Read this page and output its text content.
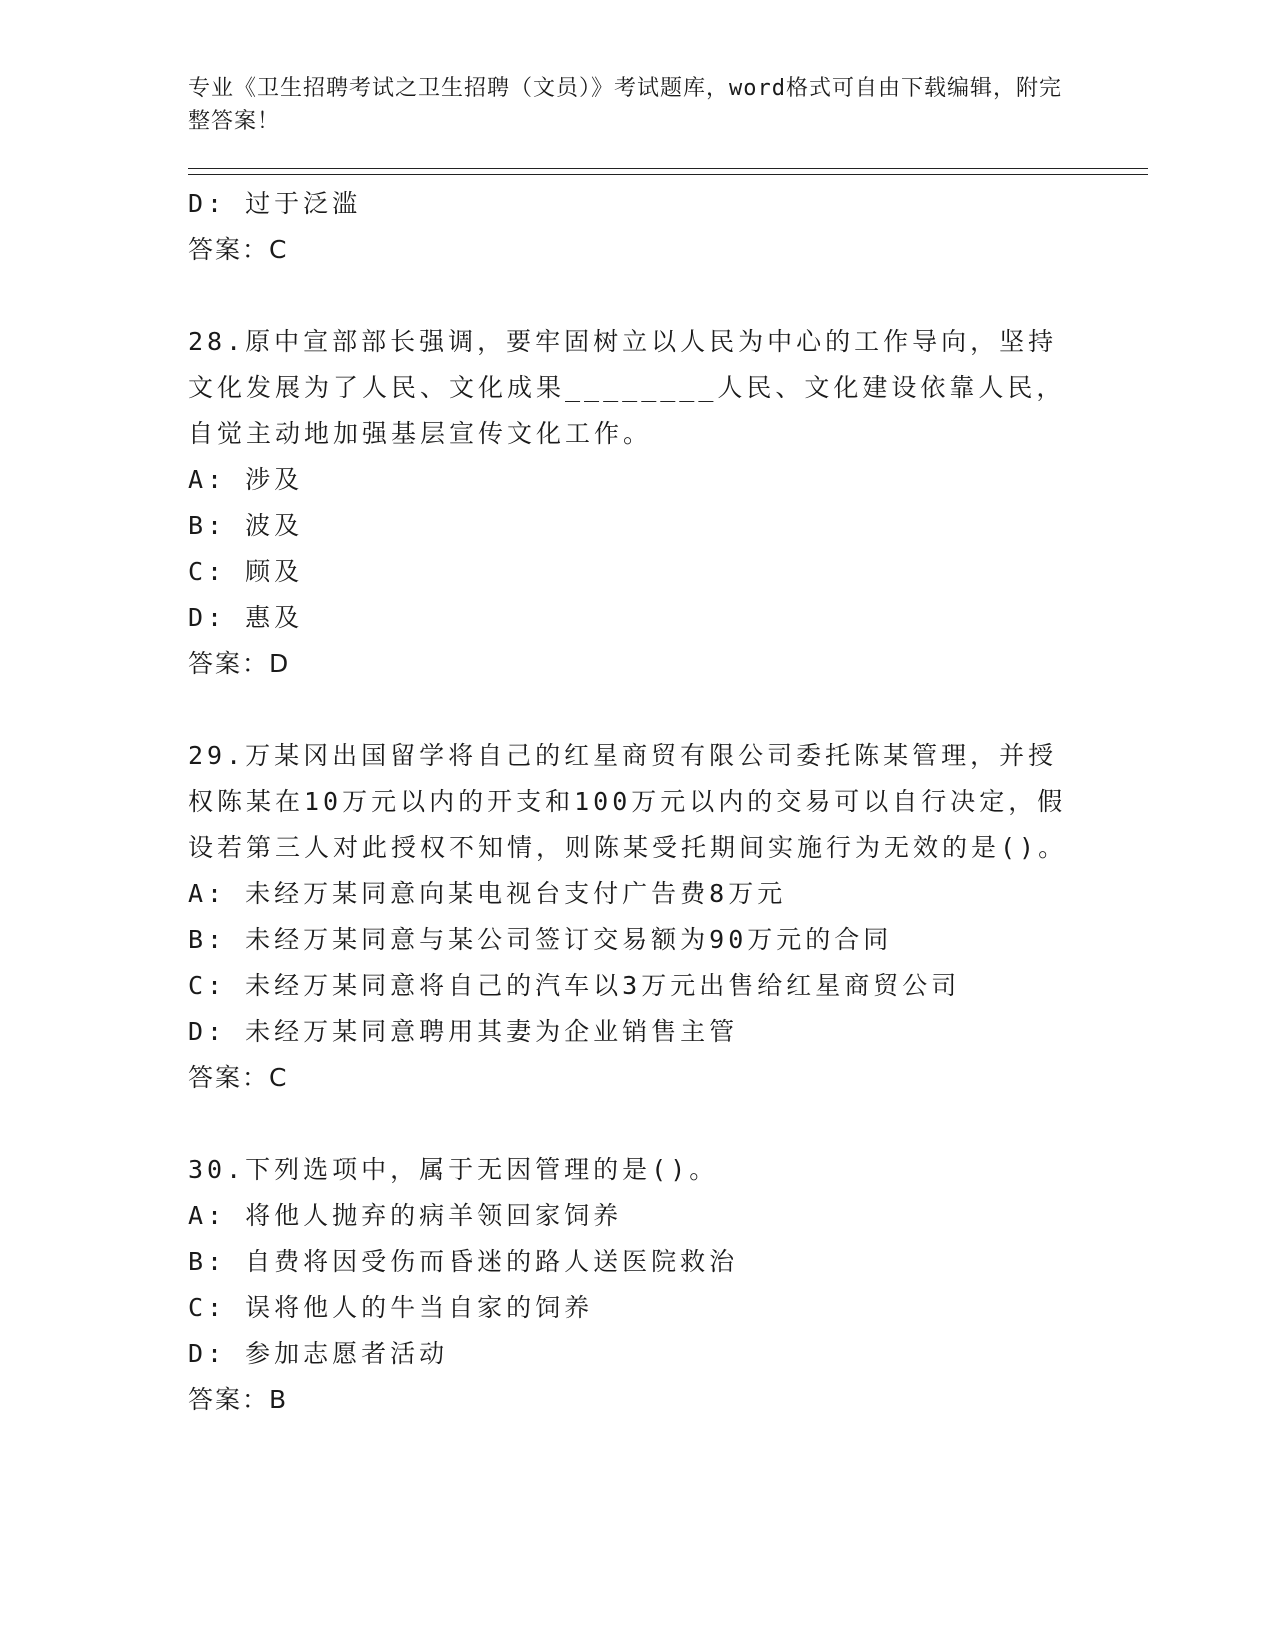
专业《卫生招聘考试之卫生招聘（文员）》考试题库，word格式可自由下载编辑，附完整答案！
D: 过于泛滥
答案：C
28.原中宣部部长强调，要牢固树立以人民为中心的工作导向，坚持文化发展为了人民、文化成果________人民、文化建设依靠人民，自觉主动地加强基层宣传文化工作。
A: 涉及
B: 波及
C: 顾及
D: 惠及
答案：D
29.万某冈出国留学将自己的红星商贸有限公司委托陈某管理，并授权陈某在10万元以内的开支和100万元以内的交易可以自行决定，假设若第三人对此授权不知情，则陈某受托期间实施行为无效的是()。
A: 未经万某同意向某电视台支付广告费8万元
B: 未经万某同意与某公司签订交易额为90万元的合同
C: 未经万某同意将自己的汽车以3万元出售给红星商贸公司
D: 未经万某同意聘用其妻为企业销售主管
答案：C
30.下列选项中，属于无因管理的是()。
A: 将他人抛弃的病羊领回家饲养
B: 自费将因受伤而昏迷的路人送医院救治
C: 误将他人的牛当自家的饲养
D: 参加志愿者活动
答案：B
